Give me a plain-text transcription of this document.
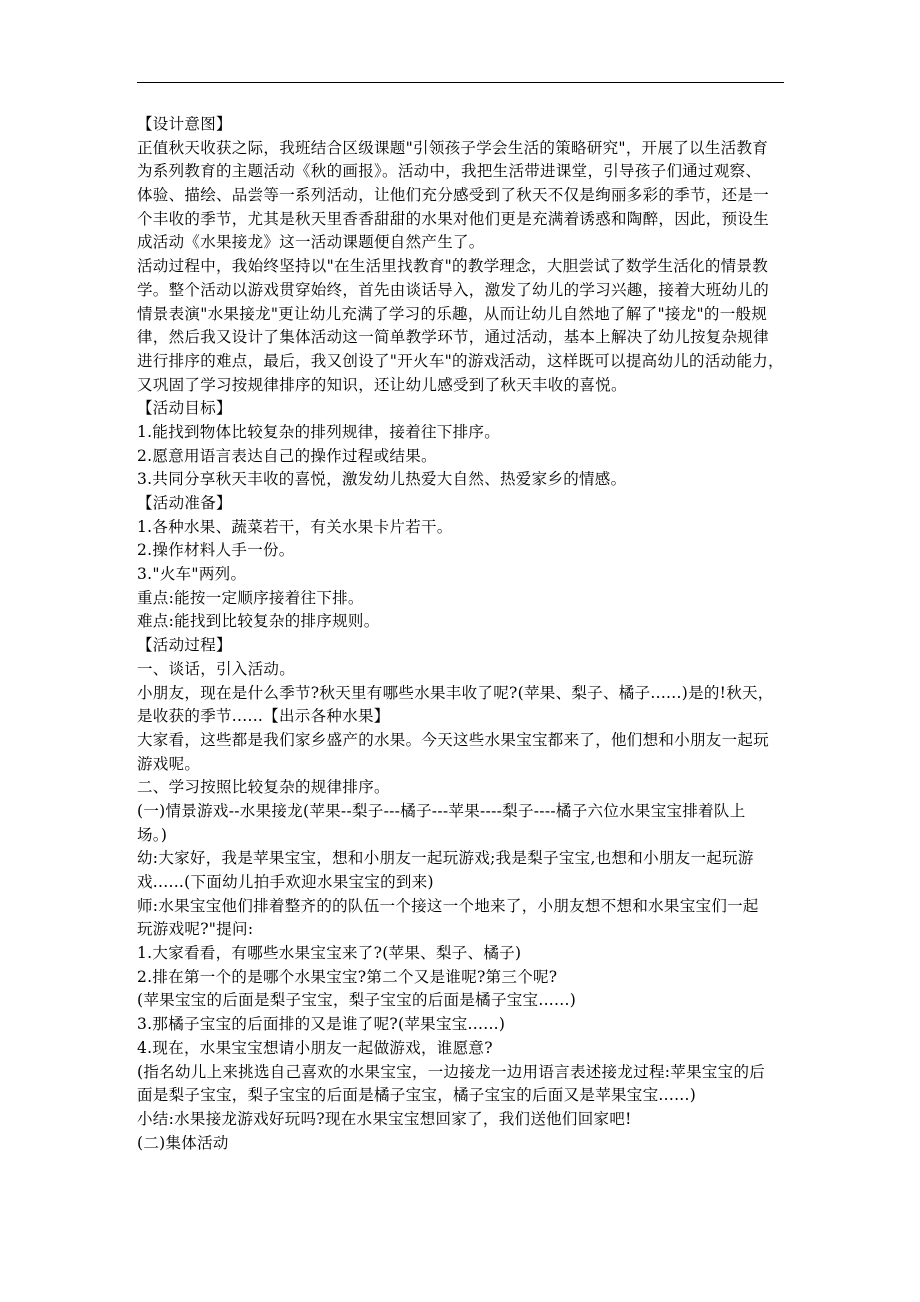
【设计意图】
正值秋天收获之际，我班结合区级课题"引领孩子学会生活的策略研究"，开展了以生活教育
为系列教育的主题活动《秋的画报》。活动中，我把生活带进课堂，引导孩子们通过观察、
体验、描绘、品尝等一系列活动，让他们充分感受到了秋天不仅是绚丽多彩的季节，还是一
个丰收的季节，尤其是秋天里香香甜甜的水果对他们更是充满着诱惑和陶醉，因此，预设生
成活动《水果接龙》这一活动课题便自然产生了。
活动过程中，我始终坚持以"在生活里找教育"的教学理念，大胆尝试了数学生活化的情景教
学。整个活动以游戏贯穿始终，首先由谈话导入，激发了幼儿的学习兴趣，接着大班幼儿的
情景表演"水果接龙"更让幼儿充满了学习的乐趣，从而让幼儿自然地了解了"接龙"的一般规
律，然后我又设计了集体活动这一简单教学环节，通过活动，基本上解决了幼儿按复杂规律
进行排序的难点，最后，我又创设了"开火车"的游戏活动，这样既可以提高幼儿的活动能力，
又巩固了学习按规律排序的知识，还让幼儿感受到了秋天丰收的喜悦。
【活动目标】
1.能找到物体比较复杂的排列规律，接着往下排序。
2.愿意用语言表达自己的操作过程或结果。
3.共同分享秋天丰收的喜悦，激发幼儿热爱大自然、热爱家乡的情感。
【活动准备】
1.各种水果、蔬菜若干，有关水果卡片若干。
2.操作材料人手一份。
3."火车"两列。
重点:能按一定顺序接着往下排。
难点:能找到比较复杂的排序规则。
【活动过程】
一、谈话，引入活动。
小朋友，现在是什么季节?秋天里有哪些水果丰收了呢?(苹果、梨子、橘子......)是的!秋天，
是收获的季节......【出示各种水果】
大家看，这些都是我们家乡盛产的水果。今天这些水果宝宝都来了，他们想和小朋友一起玩
游戏呢。
二、学习按照比较复杂的规律排序。
(一)情景游戏--水果接龙(苹果--梨子---橘子---苹果----梨子----橘子六位水果宝宝排着队上
场。)
幼:大家好，我是苹果宝宝，想和小朋友一起玩游戏;我是梨子宝宝,也想和小朋友一起玩游
戏......(下面幼儿拍手欢迎水果宝宝的到来)
师:水果宝宝他们排着整齐的的队伍一个接这一个地来了，小朋友想不想和水果宝宝们一起
玩游戏呢?"提问:
1.大家看看，有哪些水果宝宝来了?(苹果、梨子、橘子)
2.排在第一个的是哪个水果宝宝?第二个又是谁呢?第三个呢?
(苹果宝宝的后面是梨子宝宝，梨子宝宝的后面是橘子宝宝......)
3.那橘子宝宝的后面排的又是谁了呢?(苹果宝宝......)
4.现在，水果宝宝想请小朋友一起做游戏，谁愿意?
(指名幼儿上来挑选自己喜欢的水果宝宝，一边接龙一边用语言表述接龙过程:苹果宝宝的后
面是梨子宝宝，梨子宝宝的后面是橘子宝宝，橘子宝宝的后面又是苹果宝宝......)
小结:水果接龙游戏好玩吗?现在水果宝宝想回家了，我们送他们回家吧!
(二)集体活动
